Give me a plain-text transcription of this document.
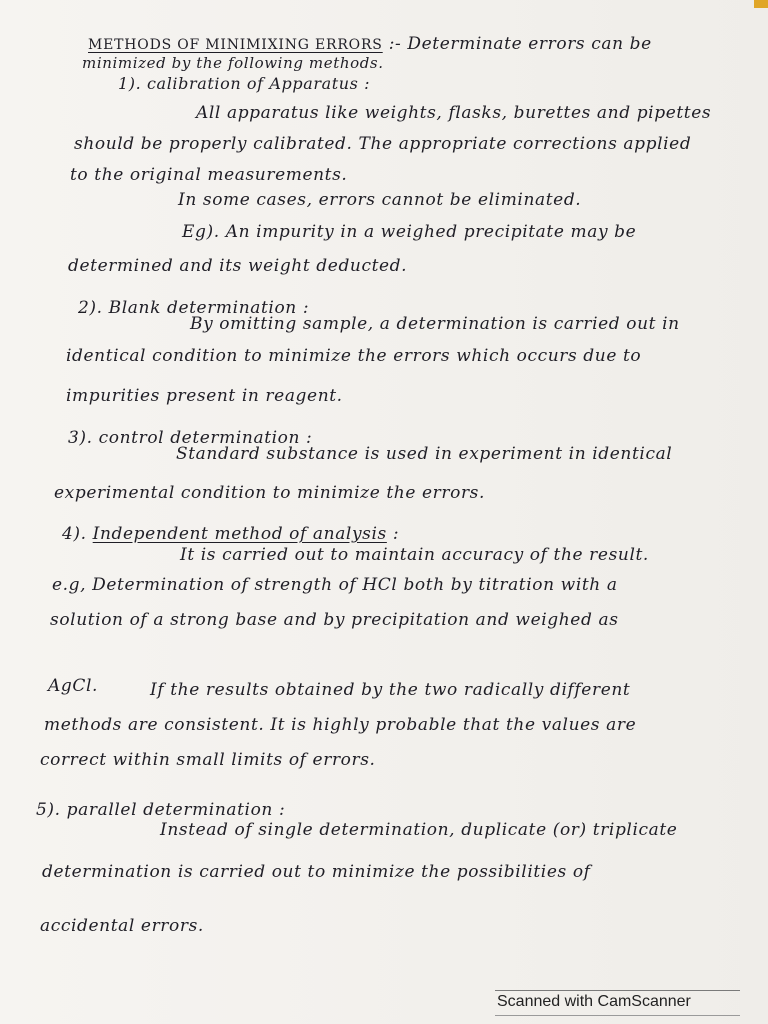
METHODS OF MINIMIXING ERRORS :- Determinate errors can be
minimized by the following methods.
1). calibration of Apparatus :
All apparatus like weights, flasks, burettes and pipettes
should be properly calibrated. The appropriate corrections applied
to the original measurements.
In some cases, errors cannot be eliminated.
Eg). An impurity in a weighed precipitate may be
determined and its weight deducted.
2). Blank determination :
By omitting sample, a determination is carried out in
identical condition to minimize the errors which occurs due to
impurities present in reagent.
3). control determination :
Standard substance is used in experiment in identical
experimental condition to minimize the errors.
4). Independent method of analysis :
It is carried out to maintain accuracy of the result.
e.g, Determination of strength of HCl both by titration with a
solution of a strong base and by precipitation and weighed as
AgCl.	If the results obtained by the two radically different
methods are consistent. It is highly probable that the values are
correct within small limits of errors.
5). parallel determination :
Instead of single determination, duplicate (or) triplicate
determination is carried out to minimize the possibilities of
accidental errors.
Scanned with CamScanner
